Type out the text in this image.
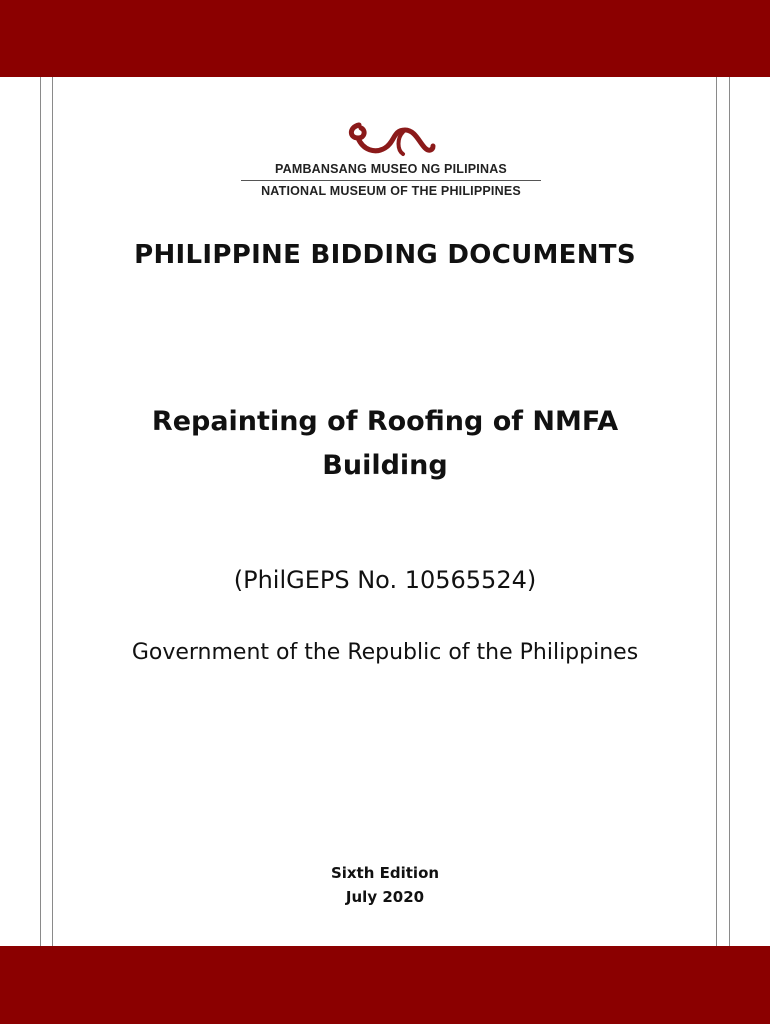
PAMBANSANG MUSEO NG PILIPINAS
NATIONAL MUSEUM OF THE PHILIPPINES
PHILIPPINE BIDDING DOCUMENTS
Repainting of Roofing of NMFA Building
(PhilGEPS No. 10565524)
Government of the Republic of the Philippines
Sixth Edition
July 2020
